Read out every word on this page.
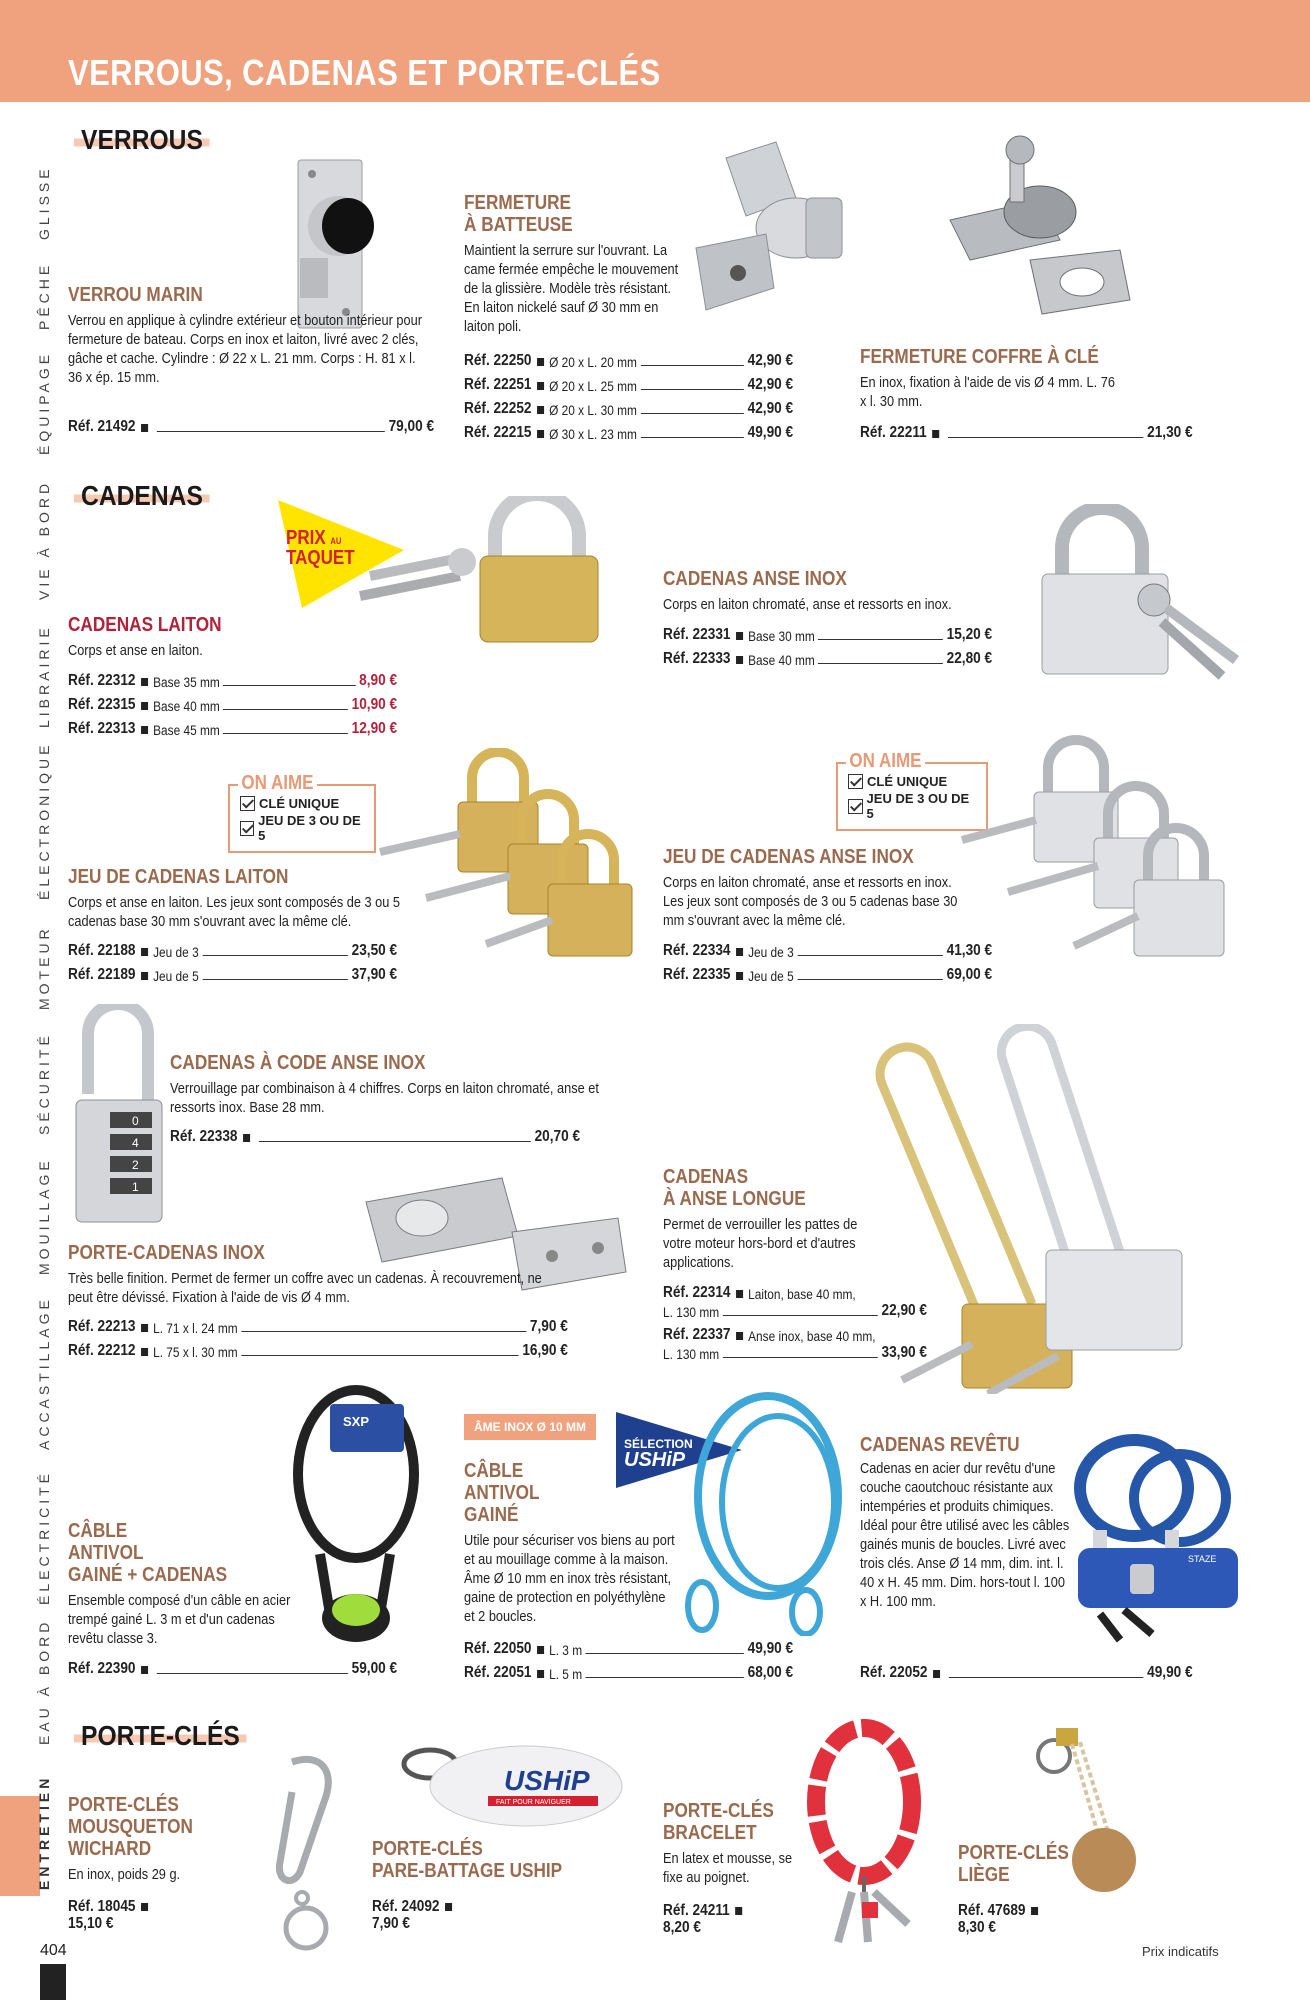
VERROUS, CADENAS ET PORTE-CLÉS
GLISSE
PÊCHE
ÉQUIPAGE
VIE À BORD
LIBRAIRIE
ÉLECTRONIQUE
MOTEUR
SÉCURITÉ
MOUILLAGE
ACCASTILLAGE
ÉLECTRICITÉ
EAU À BORD
ENTRETIEN
VERROUS
VERROU MARIN
Verrou en applique à cylindre extérieur et bouton intérieur pour fermeture de bateau. Corps en inox et laiton, livré avec 2 clés, gâche et cache. Cylindre : Ø 22 x L. 21 mm. Corps : H. 81 x l. 36 x ép. 15 mm.
Réf. 21492	79,00 €
FERMETURE
À BATTEUSE
Maintient la serrure sur l'ouvrant. La came fermée empêche le mouvement de la glissière. Modèle très résistant. En laiton nickelé sauf Ø 30 mm en laiton poli.
Réf. 22250 Ø 20 x L. 20 mm	42,90 €
Réf. 22251 Ø 20 x L. 25 mm	42,90 €
Réf. 22252 Ø 20 x L. 30 mm	42,90 €
Réf. 22215 Ø 30 x L. 23 mm	49,90 €
FERMETURE COFFRE À CLÉ
En inox, fixation à l'aide de vis Ø 4 mm. L. 76 x l. 30 mm.
Réf. 22211	21,30 €
CADENAS
PRIX AU
TAQUET
CADENAS LAITON
Corps et anse en laiton.
Réf. 22312 Base 35 mm	8,90 €
Réf. 22315 Base 40 mm	10,90 €
Réf. 22313 Base 45 mm	12,90 €
CADENAS ANSE INOX
Corps en laiton chromaté, anse et ressorts en inox.
Réf. 22331 Base 30 mm	15,20 €
Réf. 22333 Base 40 mm	22,80 €
ON AIME
CLÉ UNIQUE
JEU DE 3 OU DE 5
ON AIME
CLÉ UNIQUE
JEU DE 3 OU DE 5
JEU DE CADENAS LAITON
Corps et anse en laiton. Les jeux sont composés de 3 ou 5 cadenas base 30 mm s'ouvrant avec la même clé.
Réf. 22188 Jeu de 3	23,50 €
Réf. 22189 Jeu de 5	37,90 €
JEU DE CADENAS ANSE INOX
Corps en laiton chromaté, anse et ressorts en inox. Les jeux sont composés de 3 ou 5 cadenas base 30 mm s'ouvrant avec la même clé.
Réf. 22334 Jeu de 3	41,30 €
Réf. 22335 Jeu de 5	69,00 €
0
4
2
1
CADENAS À CODE ANSE INOX
Verrouillage par combinaison à 4 chiffres. Corps en laiton chromaté, anse et ressorts inox. Base 28 mm.
Réf. 22338	20,70 €
PORTE-CADENAS INOX
Très belle finition. Permet de fermer un coffre avec un cadenas. À recouvrement, ne peut être dévissé. Fixation à l'aide de vis Ø 4 mm.
Réf. 22213 L. 71 x l. 24 mm	7,90 €
Réf. 22212 L. 75 x l. 30 mm	16,90 €
CADENAS
À ANSE LONGUE
Permet de verrouiller les pattes de votre moteur hors-bord et d'autres applications.
Réf. 22314 Laiton, base 40 mm,
L. 130 mm	22,90 €
Réf. 22337 Anse inox, base 40 mm,
L. 130 mm	33,90 €
SXP
CÂBLE
ANTIVOL
GAINÉ + CADENAS
Ensemble composé d'un câble en acier trempé gainé L. 3 m et d'un cadenas revêtu classe 3.
Réf. 22390	59,00 €
ÂME INOX Ø 10 MM
SÉLECTION
USHiP
CÂBLE
ANTIVOL
GAINÉ
Utile pour sécuriser vos biens au port et au mouillage comme à la maison. Âme Ø 10 mm en inox très résistant, gaine de protection en polyéthylène et 2 boucles.
Réf. 22050 L. 3 m	49,90 €
Réf. 22051 L. 5 m	68,00 €
CADENAS REVÊTU
Cadenas en acier dur revêtu d'une couche caoutchouc résistante aux intempéries et produits chimiques. Idéal pour être utilisé avec les câbles gainés munis de boucles. Livré avec trois clés. Anse Ø 14 mm, dim. int. l. 40 x H. 45 mm. Dim. hors-tout l. 100 x H. 100 mm.
STAZE
Réf. 22052	49,90 €
PORTE-CLÉS
PORTE-CLÉS
MOUSQUETON
WICHARD
En inox, poids 29 g.
Réf. 18045
15,10 €
USHiP
FAIT POUR NAVIGUER
PORTE-CLÉS
PARE-BATTAGE USHIP
Réf. 24092
7,90 €
PORTE-CLÉS
BRACELET
En latex et mousse, se fixe au poignet.
Réf. 24211
8,20 €
PORTE-CLÉS
LIÈGE
Réf. 47689
8,30 €
404	Prix indicatifs
